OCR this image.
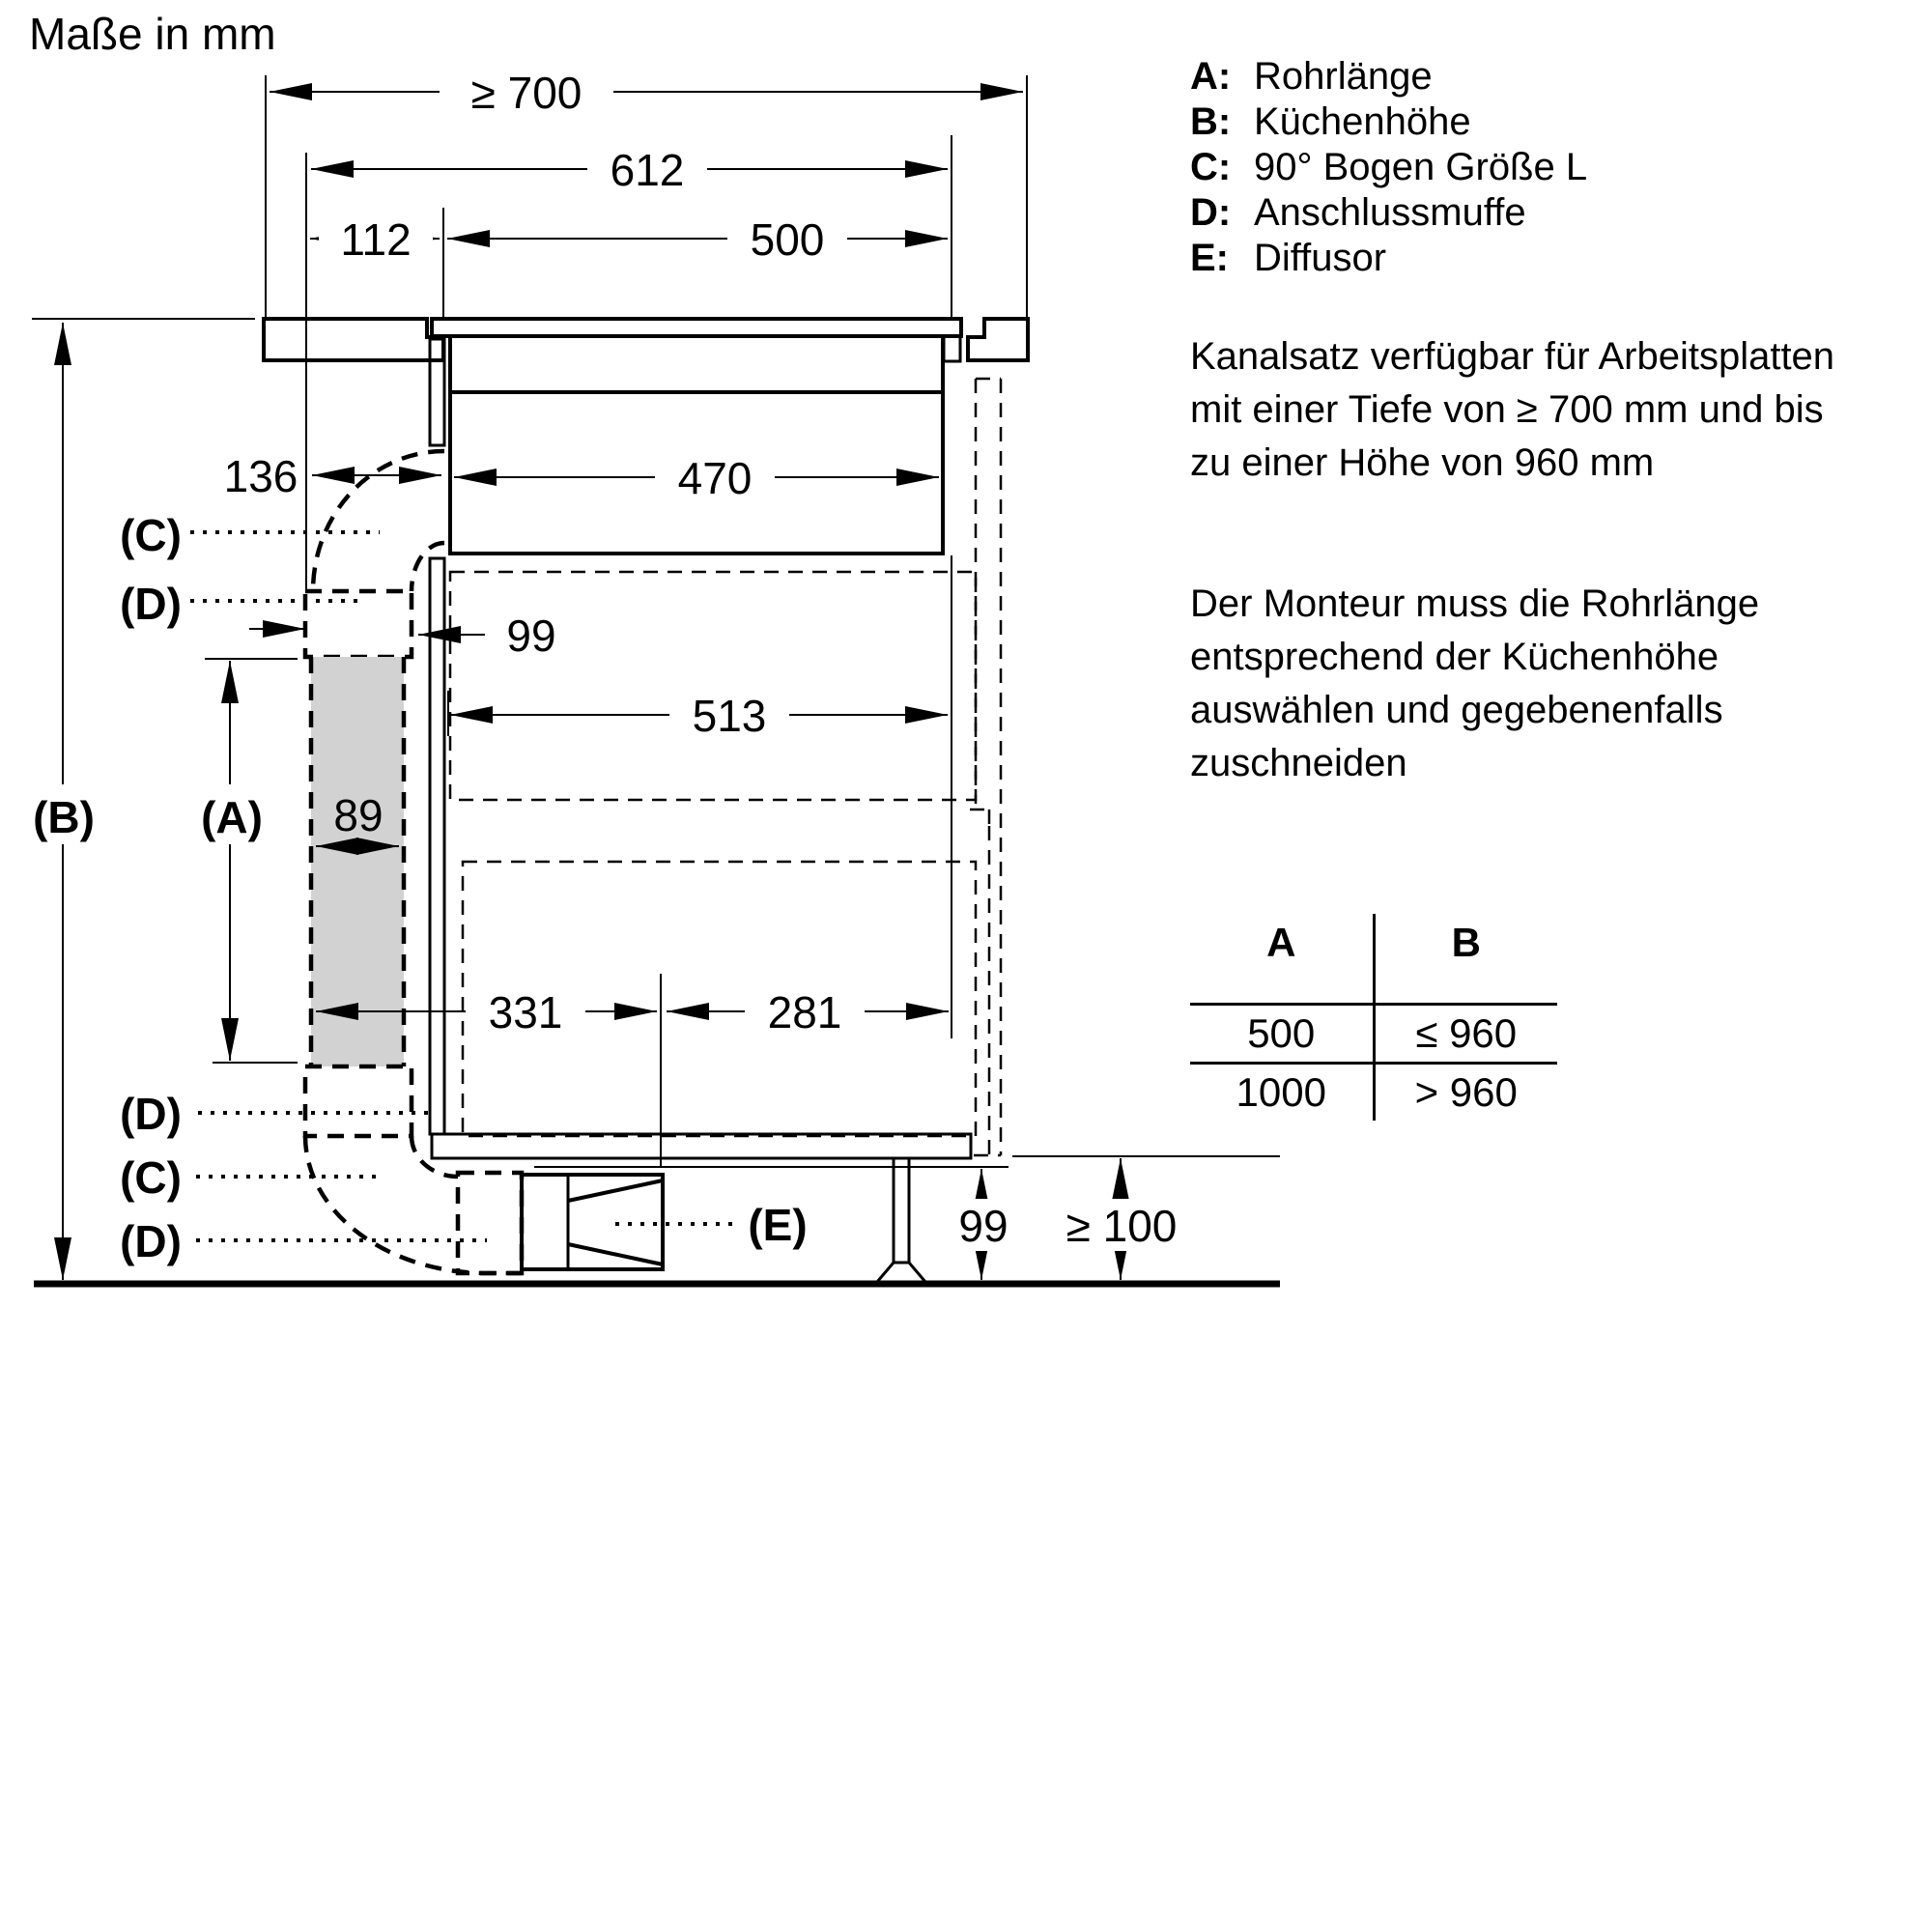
Maße in mm
≥ 700
612
112	500
136	470
99
513
89
331	281
99 ≥ 100
(B) (A)
(C)
(D)
(D)
(C)
(D)	(E)
A: Rohrlänge
B: Küchenhöhe
C: 90° Bogen Größe L
D: Anschlussmuffe
E: Diffusor
Kanalsatz verfügbar für Arbeitsplatten mit einer Tiefe von ≥ 700 mm und bis zu einer Höhe von 960 mm
Der Monteur muss die Rohrlänge entsprechend der Küchenhöhe auswählen und gegebenenfalls zuschneiden
A	B
500	≤ 960
1000	> 960
